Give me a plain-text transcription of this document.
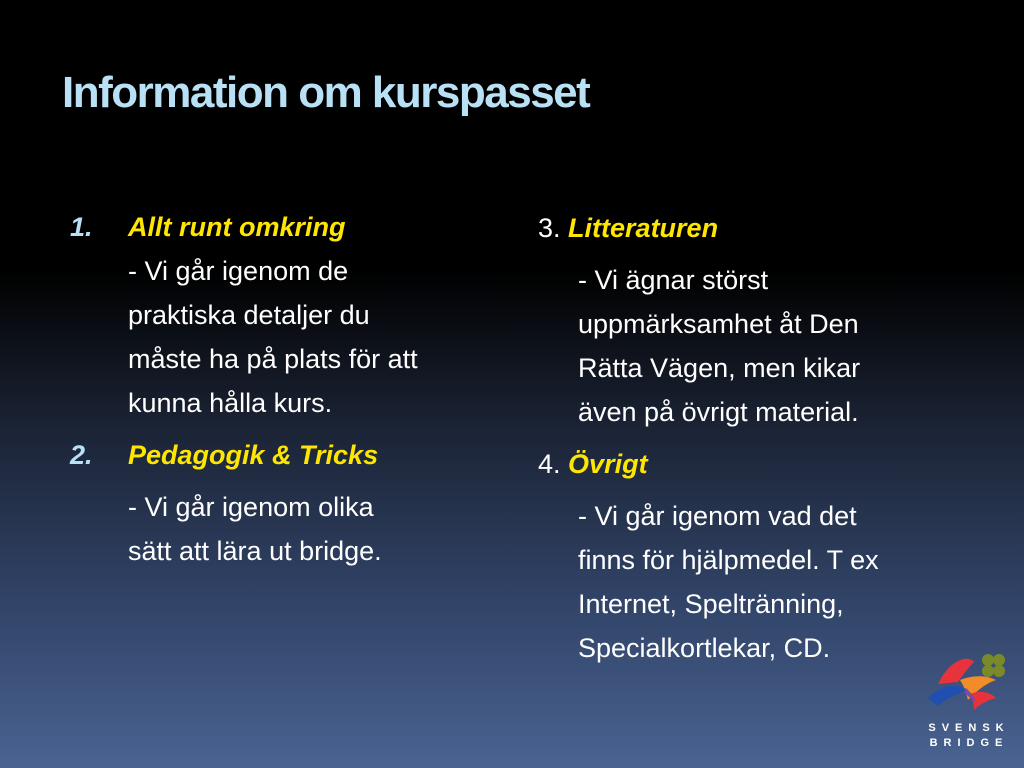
Information om kurspasset
1. Allt runt omkring
- Vi går igenom de
praktiska detaljer du
måste ha på plats för att
kunna hålla kurs.
2. Pedagogik & Tricks
- Vi går igenom olika
sätt att lära ut bridge.
3. Litteraturen
- Vi ägnar störst
uppmärksamhet åt Den
Rätta Vägen, men kikar
även på övrigt material.
4. Övrigt
- Vi går igenom vad det
finns för hjälpmedel. T ex
Internet, Speltränning,
Specialkortlekar, CD.
SVENSK
BRIDGE
